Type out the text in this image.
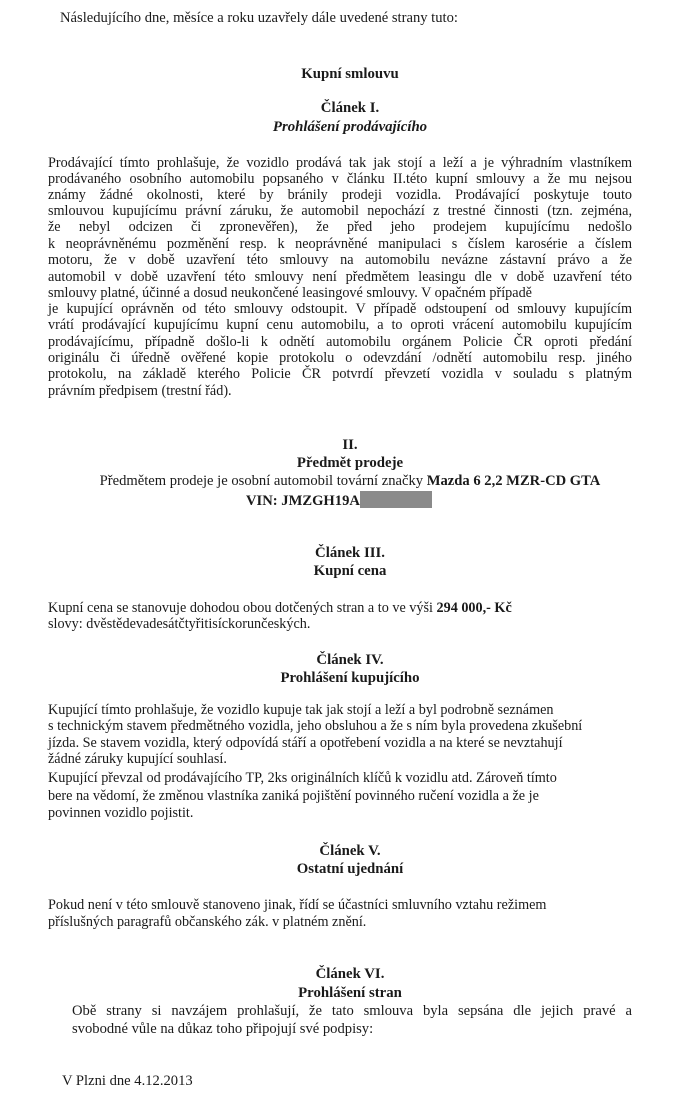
Následujícího dne, měsíce a roku uzavřely dále uvedené strany tuto:

Kupní smlouvu

Článek I.

Prohlášení prodávajícího

Prodávající tímto prohlašuje, že vozidlo prodává tak jak stojí a leží a je výhradním vlastníkem

prodávaného osobního automobilu popsaného v článku II.této kupní smlouvy a že mu nejsou

známy žádné okolnosti, které by bránily prodeji vozidla. Prodávající poskytuje touto

smlouvou kupujícímu právní záruku, že automobil nepochází z trestné činnosti (tzn. zejména,

že nebyl odcizen či zpronevěřen), že před jeho prodejem kupujícímu nedošlo

k neoprávněnému pozměnění resp. k neoprávněné manipulaci s číslem karosérie a číslem

motoru, že v době uzavření této smlouvy na automobilu neváznе zástavní právo a že

automobil v době uzavření této smlouvy není předmětem leasingu dle v době uzavření této

smlouvy platné, účinné a dosud neukončené leasingové smlouvy. V opačném případě

je kupující oprávněn od této smlouvy odstoupit. V případě odstoupení od smlouvy kupujícím

vrátí prodávající kupujícímu kupní cenu automobilu, a to oproti vrácení automobilu kupujícím

prodávajícímu, případně došlo-li k odnětí automobilu orgánem Policie ČR oproti předání

originálu či úředně ověřené kopie protokolu o odevzdání /odnětí automobilu resp. jiného

protokolu, na základě kterého Policie ČR potvrdí převzetí vozidla v souladu s platným

právním předpisem (trestní řád).

II.

Předmět prodeje

Předmětem prodeje je osobní automobil tovární značky Mazda 6 2,2 MZR-CD GTA

VIN: JMZGH19A

Článek III.

Kupní cena

Kupní cena se stanovuje dohodou obou dotčených stran a to ve výši 294 000,- Kč

slovy: dvěstědevadesátčtyřitisíckorunčeských.

Článek IV.

Prohlášení kupujícího

Kupující tímto prohlašuje, že vozidlo kupuje tak jak stojí a leží a byl podrobně seznámen

s technickým stavem předmětného vozidla, jeho obsluhou a že s ním byla provedena zkušební

jízda. Se stavem vozidla, který odpovídá stáří a opotřebení vozidla a na které se nevztahují

žádné záruky kupující souhlasí.

Kupující převzal od prodávajícího TP, 2ks originálních klíčů k vozidlu atd. Zároveň tímto

bere na vědomí, že změnou vlastníka zaniká pojištění povinného ručení vozidla a že je

povinnen vozidlo pojistit.

Článek V.

Ostatní ujednání

Pokud není v této smlouvě stanoveno jinak, řídí se účastníci smluvního vztahu režimem

příslušných paragrafů občanského zák. v platném znění.

Článek VI.

Prohlášení stran

Obě strany si navzájem prohlašují, že tato smlouva byla sepsána dle jejich pravé a

svobodné vůle na důkaz toho připojují své podpisy:

V Plzni dne 4.12.2013
